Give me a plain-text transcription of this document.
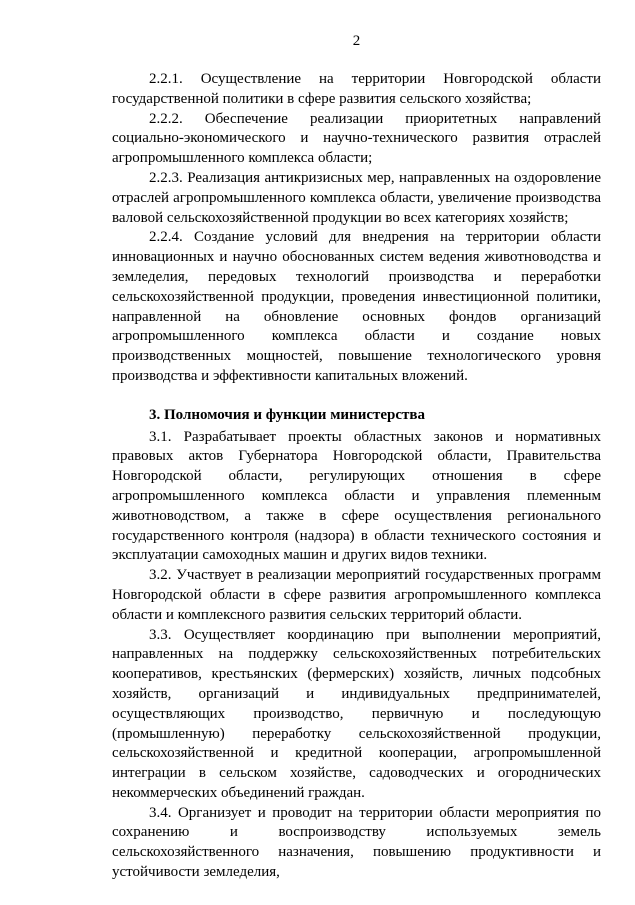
2

2.2.1. Осуществление на территории Новгородской области государственной политики в сфере развития сельского хозяйства;

2.2.2. Обеспечение реализации приоритетных направлений социально-экономического и научно-технического развития отраслей агропромышленного комплекса области;

2.2.3. Реализация антикризисных мер, направленных на оздоровление отраслей агропромышленного комплекса области, увеличение производства валовой сельскохозяйственной продукции во всех категориях хозяйств;

2.2.4. Создание условий для внедрения на территории области инновационных и научно обоснованных систем ведения животноводства и земледелия, передовых технологий производства и переработки сельскохозяйственной продукции, проведения инвестиционной политики, направленной на обновление основных фондов организаций агропромышленного комплекса области и создание новых производственных мощностей, повышение технологического уровня производства и эффективности капитальных вложений.

3. Полномочия и функции министерства

3.1. Разрабатывает проекты областных законов и нормативных правовых актов Губернатора Новгородской области, Правительства Новгородской области, регулирующих отношения в сфере агропромышленного комплекса области и управления племенным животноводством, а также в сфере осуществления регионального государственного контроля (надзора) в области технического состояния и эксплуатации самоходных машин и других видов техники.

3.2. Участвует в реализации мероприятий государственных программ Новгородской области в сфере развития агропромышленного комплекса области и комплексного развития сельских территорий области.

3.3. Осуществляет координацию при выполнении мероприятий, направленных на поддержку сельскохозяйственных потребительских кооперативов, крестьянских (фермерских) хозяйств, личных подсобных хозяйств, организаций и индивидуальных предпринимателей, осуществляющих производство, первичную и последующую (промышленную) переработку сельскохозяйственной продукции, сельскохозяйственной и кредитной кооперации, агропромышленной интеграции в сельском хозяйстве, садоводческих и огороднических некоммерческих объединений граждан.

3.4. Организует и проводит на территории области мероприятия по сохранению и воспроизводству используемых земель сельскохозяйственного назначения, повышению продуктивности и устойчивости земледелия,
